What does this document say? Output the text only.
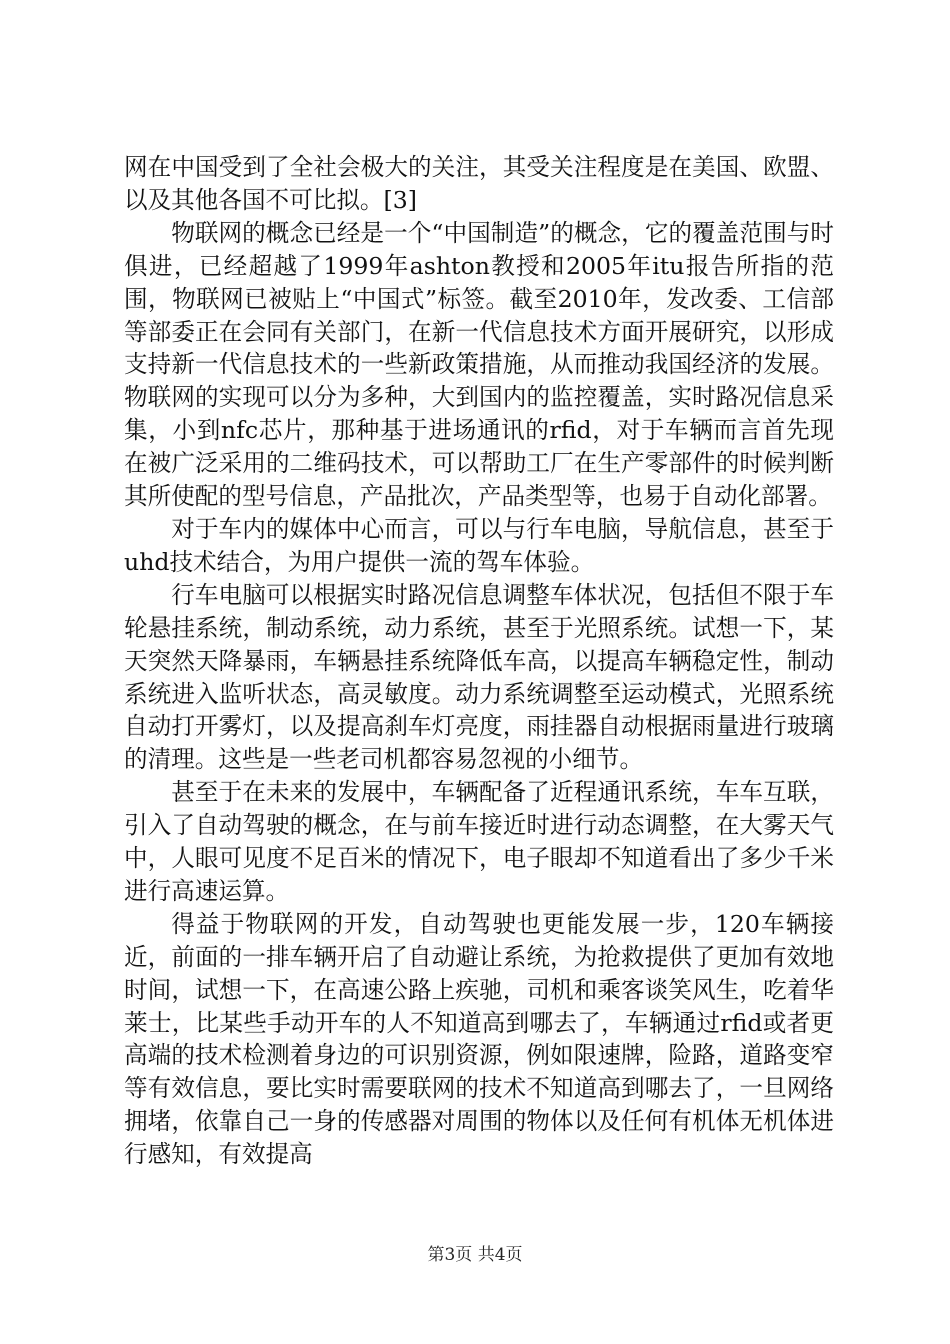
网在中国受到了全社会极大的关注，其受关注程度是在美国、欧盟、以及其他各国不可比拟。[3]

物联网的概念已经是一个“中国制造”的概念，它的覆盖范围与时俱进，已经超越了1999年ashton教授和2005年itu报告所指的范围，物联网已被贴上“中国式”标签。截至2010年，发改委、工信部等部委正在会同有关部门，在新一代信息技术方面开展研究，以形成支持新一代信息技术的一些新政策措施，从而推动我国经济的发展。物联网的实现可以分为多种，大到国内的监控覆盖，实时路况信息采集，小到nfc芯片，那种基于进场通讯的rfid，对于车辆而言首先现在被广泛采用的二维码技术，可以帮助工厂在生产零部件的时候判断其所使配的型号信息，产品批次，产品类型等，也易于自动化部署。

对于车内的媒体中心而言，可以与行车电脑，导航信息，甚至于uhd技术结合，为用户提供一流的驾车体验。

行车电脑可以根据实时路况信息调整车体状况，包括但不限于车轮悬挂系统，制动系统，动力系统，甚至于光照系统。试想一下，某天突然天降暴雨，车辆悬挂系统降低车高，以提高车辆稳定性，制动系统进入监听状态，高灵敏度。动力系统调整至运动模式，光照系统自动打开雾灯，以及提高刹车灯亮度，雨挂器自动根据雨量进行玻璃的清理。这些是一些老司机都容易忽视的小细节。

甚至于在未来的发展中，车辆配备了近程通讯系统，车车互联，引入了自动驾驶的概念，在与前车接近时进行动态调整，在大雾天气中，人眼可见度不足百米的情况下，电子眼却不知道看出了多少千米进行高速运算。

得益于物联网的开发，自动驾驶也更能发展一步，120车辆接近，前面的一排车辆开启了自动避让系统，为抢救提供了更加有效地时间，试想一下，在高速公路上疾驰，司机和乘客谈笑风生，吃着华莱士，比某些手动开车的人不知道高到哪去了，车辆通过rfid或者更高端的技术检测着身边的可识别资源，例如限速牌，险路，道路变窄等有效信息，要比实时需要联网的技术不知道高到哪去了，一旦网络拥堵，依靠自己一身的传感器对周围的物体以及任何有机体无机体进行感知，有效提高

第3页 共4页
